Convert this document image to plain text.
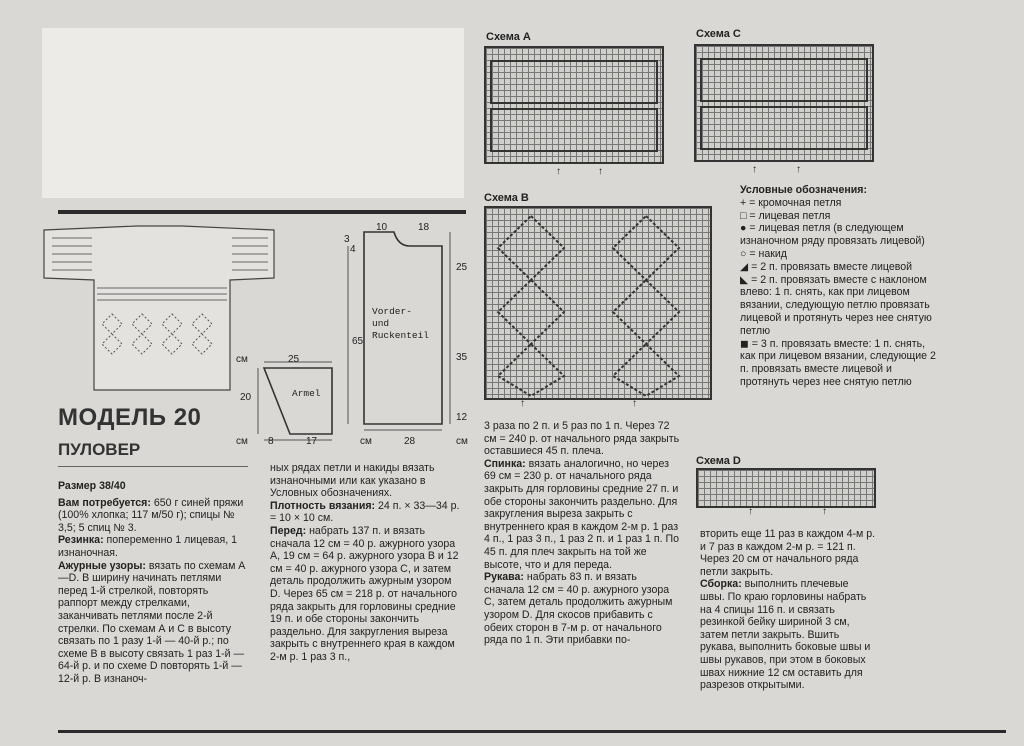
Схема A
↑	↑
Схема C
↑	↑
Схема B
↑	↑
Схема D
↑	↑
10	18
3
4
25
35
12
65
28
см	см
Vorder-
und
Ruckenteil
см	25
20
см 8	17
Armel
МОДЕЛЬ 20
ПУЛОВЕР

Размер 38/40

Вам потребуется: 650 г синей пряжи (100% хлопка; 117 м/50 г); спицы № 3,5; 5 спиц № 3.

Резинка: попеременно 1 лицевая, 1 изнаночная.

Ажурные узоры: вязать по схемам А—D. В ширину начинать петлями перед 1-й стрелкой, повторять раппорт между стрелками, заканчивать петлями после 2-й стрелки. По схемам А и С в высоту связать по 1 разу 1-й — 40-й р.; по схеме В в высоту связать 1 раз 1-й — 64-й р. и по схеме D повторять 1-й — 12-й р. В изнаноч-

ных рядах петли и накиды вязать изнаночными или как указано в Условных обозначениях.

Плотность вязания: 24 п. × 33—34 р. = 10 × 10 см.

Перед: набрать 137 п. и вязать сначала 12 см = 40 р. ажурного узора А, 19 см = 64 р. ажурного узора В и 12 см = 40 р. ажурного узора С, и затем деталь продолжить ажурным узором D. Через 65 см = 218 р. от начального ряда закрыть для горловины средние 19 п. и обе стороны закончить раздельно. Для закругления выреза закрыть с внутреннего края в каждом 2-м р. 1 раз 3 п.,

3 раза по 2 п. и 5 раз по 1 п. Через 72 см = 240 р. от начального ряда закрыть оставшиеся 45 п. плеча.

Спинка: вязать аналогично, но через 69 см = 230 р. от начального ряда закрыть для горловины средние 27 п. и обе стороны закончить раздельно. Для закругления выреза закрыть с внутреннего края в каждом 2-м р. 1 раз 4 п., 1 раз 3 п., 1 раз 2 п. и 1 раз 1 п. По 45 п. для плеч закрыть на той же высоте, что и для переда.

Рукава: набрать 83 п. и вязать сначала 12 см = 40 р. ажурного узора С, затем деталь продолжить ажурным узором D. Для скосов прибавить с обеих сторон в 7-м р. от начального ряда по 1 п. Эти прибавки по-

вторить еще 11 раз в каждом 4-м р. и 7 раз в каждом 2-м р. = 121 п. Через 20 см от начального ряда петли закрыть.

Сборка: выполнить плечевые швы. По краю горловины набрать на 4 спицы 116 п. и связать резинкой бейку шириной 3 см, затем петли закрыть. Вшить рукава, выполнить боковые швы и швы рукавов, при этом в боковых швах нижние 12 см оставить для разрезов открытыми.

Условные обозначения:

+ = кромочная петля

□ = лицевая петля

● = лицевая петля (в следующем изнаночном ряду провязать лицевой)

○ = накид

◢ = 2 п. провязать вместе лицевой

◣ = 2 п. провязать вместе с наклоном влево: 1 п. снять, как при лицевом вязании, следующую петлю провязать лицевой и протянуть через нее снятую петлю

◼ = 3 п. провязать вместе: 1 п. снять, как при лицевом вязании, следующие 2 п. провязать вместе лицевой и протянуть через нее снятую петлю
